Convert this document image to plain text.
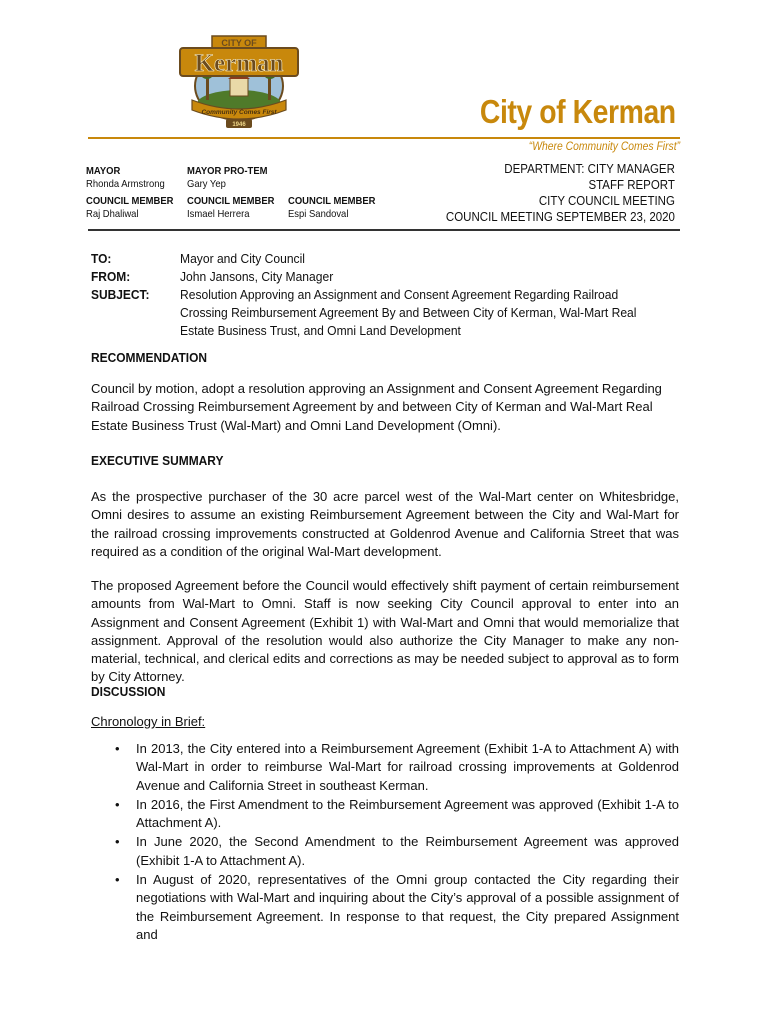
CITY OF
Kerman
Community Comes First
1946	City of Kerman
“Where Community Comes First”
MAYOR
Rhonda Armstrong
MAYOR PRO-TEM
Gary Yep
COUNCIL MEMBER
Raj Dhaliwal
COUNCIL MEMBER
Ismael Herrera
COUNCIL MEMBER
Espi Sandoval
DEPARTMENT: CITY MANAGER
STAFF REPORT
CITY COUNCIL MEETING
COUNCIL MEETING SEPTEMBER 23, 2020
TO:	Mayor and City Council
FROM:	John Jansons, City Manager
SUBJECT:	Resolution Approving an Assignment and Consent Agreement Regarding Railroad Crossing Reimbursement Agreement By and Between City of Kerman, Wal-Mart Real Estate Business Trust, and Omni Land Development
RECOMMENDATION
Council by motion, adopt a resolution approving an Assignment and Consent Agreement Regarding Railroad Crossing Reimbursement Agreement by and between City of Kerman and Wal-Mart Real Estate Business Trust (Wal-Mart) and Omni Land Development (Omni).
EXECUTIVE SUMMARY
As the prospective purchaser of the 30 acre parcel west of the Wal-Mart center on Whitesbridge, Omni desires to assume an existing Reimbursement Agreement between the City and Wal-Mart for the railroad crossing improvements constructed at Goldenrod Avenue and California Street that was required as a condition of the original Wal-Mart development.
The proposed Agreement before the Council would effectively shift payment of certain reimbursement amounts from Wal-Mart to Omni. Staff is now seeking City Council approval to enter into an Assignment and Consent Agreement (Exhibit 1) with Wal-Mart and Omni that would memorialize that assignment. Approval of the resolution would also authorize the City Manager to make any non-material, technical, and clerical edits and corrections as may be needed subject to approval as to form by City Attorney.
DISCUSSION
Chronology in Brief:
• In 2013, the City entered into a Reimbursement Agreement (Exhibit 1-A to Attachment A) with Wal-Mart in order to reimburse Wal-Mart for railroad crossing improvements at Goldenrod Avenue and California Street in southeast Kerman.
• In 2016, the First Amendment to the Reimbursement Agreement was approved (Exhibit 1-A to Attachment A).
• In June 2020, the Second Amendment to the Reimbursement Agreement was approved (Exhibit 1-A to Attachment A).
• In August of 2020, representatives of the Omni group contacted the City regarding their negotiations with Wal-Mart and inquiring about the City’s approval of a possible assignment of the Reimbursement Agreement. In response to that request, the City prepared Assignment and
